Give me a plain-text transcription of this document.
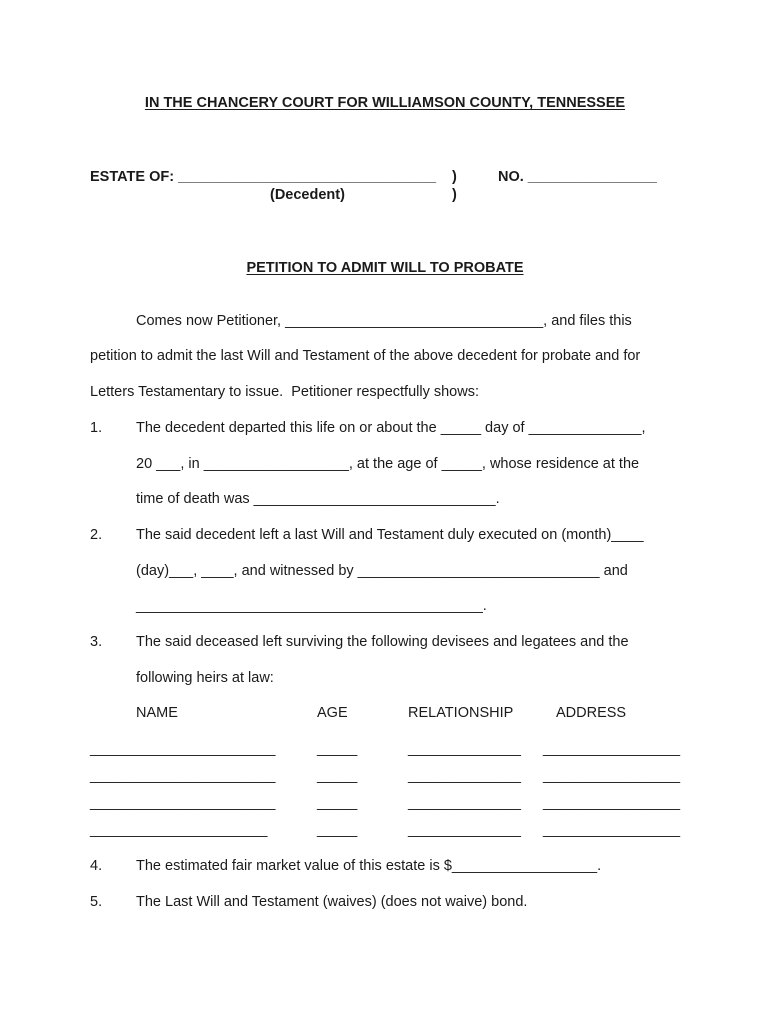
IN THE CHANCERY COURT FOR WILLIAMSON COUNTY, TENNESSEE
ESTATE OF: ________________________________ )	NO. ________________
(Decedent)	)
PETITION TO ADMIT WILL TO PROBATE
Comes now Petitioner, ________________________________, and files this
petition to admit the last Will and Testament of the above decedent for probate and for
Letters Testamentary to issue.  Petitioner respectfully shows:
1. The decedent departed this life on or about the _____ day of ______________,
20 ___, in __________________, at the age of _____, whose residence at the
time of death was ______________________________.
2. The said decedent left a last Will and Testament duly executed on (month)____
(day)___, ____, and witnessed by ______________________________ and
___________________________________________.
3. The said deceased left surviving the following devisees and legatees and the
following heirs at law:
NAME	AGE	RELATIONSHIP	ADDRESS
_______________________	_____	______________ _________________
_______________________	_____	______________ _________________
_______________________	_____	______________ _________________
______________________	_____	______________ _________________
4. The estimated fair market value of this estate is $__________________.
5. The Last Will and Testament (waives) (does not waive) bond.
